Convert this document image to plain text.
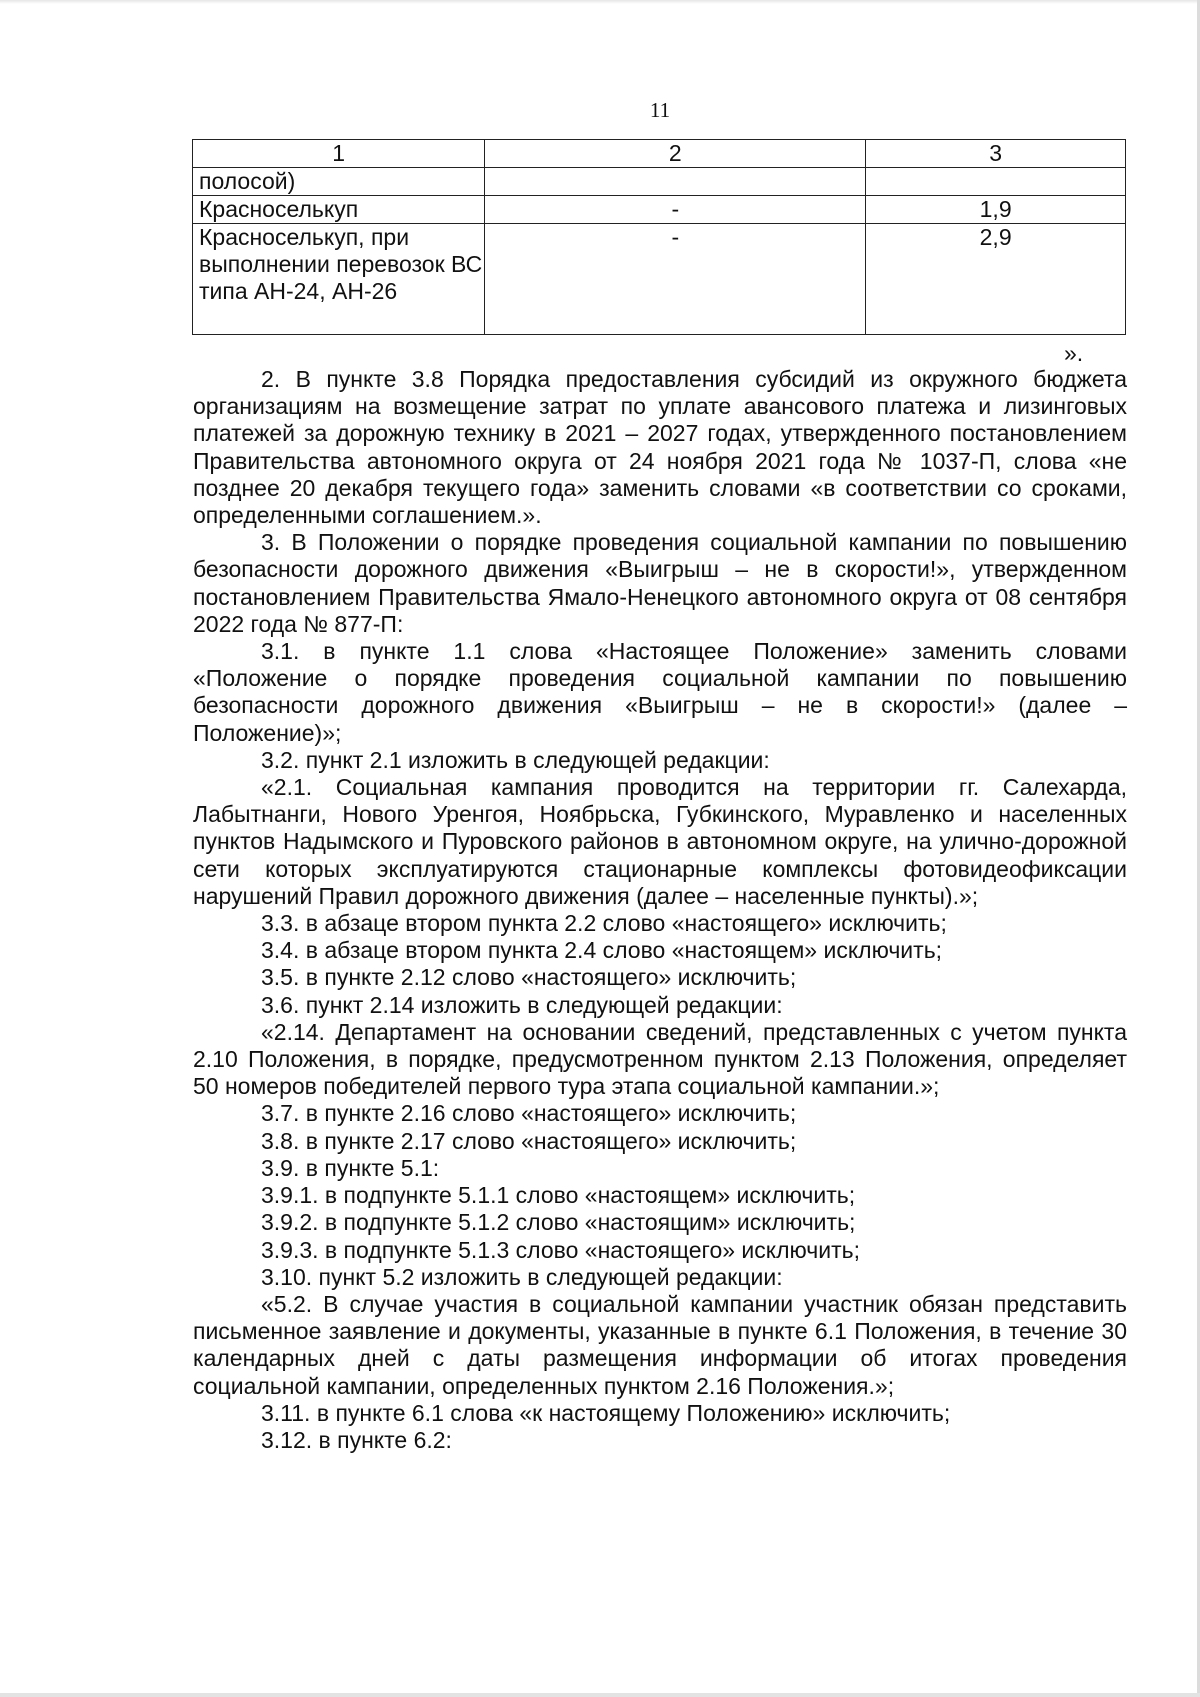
11
1	2	3
полосой)		
Красноселькуп	-	1,9
Красноселькуп, при выполнении перевозок ВС типа АН-24, АН-26	-	2,9
».

2. В пункте 3.8 Порядка предоставления субсидий из окружного бюджета организациям на возмещение затрат по уплате авансового платежа и лизинговых платежей за дорожную технику в 2021 – 2027 годах, утвержденного постановлением Правительства автономного округа от 24 ноября 2021 года № 1037-П, слова «не позднее 20 декабря текущего года» заменить словами «в соответствии со сроками, определенными соглашением.».

3. В Положении о порядке проведения социальной кампании по повышению безопасности дорожного движения «Выигрыш – не в скорости!», утвержденном постановлением Правительства Ямало-Ненецкого автономного округа от 08 сентября 2022 года № 877-П:

3.1. в пункте 1.1 слова «Настоящее Положение» заменить словами «Положение о порядке проведения социальной кампании по повышению безопасности дорожного движения «Выигрыш – не в скорости!» (далее – Положение)»;

3.2. пункт 2.1 изложить в следующей редакции:

«2.1. Социальная кампания проводится на территории гг. Салехарда, Лабытнанги, Нового Уренгоя, Ноябрьска, Губкинского, Муравленко и населенных пунктов Надымского и Пуровского районов в автономном округе, на улично-дорожной сети которых эксплуатируются стационарные комплексы фотовидеофиксации нарушений Правил дорожного движения (далее – населенные пункты).»;

3.3. в абзаце втором пункта 2.2 слово «настоящего» исключить;

3.4. в абзаце втором пункта 2.4 слово «настоящем» исключить;

3.5. в пункте 2.12 слово «настоящего» исключить;

3.6. пункт 2.14 изложить в следующей редакции:

«2.14. Департамент на основании сведений, представленных с учетом пункта 2.10 Положения, в порядке, предусмотренном пунктом 2.13 Положения, определяет 50 номеров победителей первого тура этапа социальной кампании.»;

3.7. в пункте 2.16 слово «настоящего» исключить;

3.8. в пункте 2.17 слово «настоящего» исключить;

3.9. в пункте 5.1:

3.9.1. в подпункте 5.1.1 слово «настоящем» исключить;

3.9.2. в подпункте 5.1.2 слово «настоящим» исключить;

3.9.3. в подпункте 5.1.3 слово «настоящего» исключить;

3.10. пункт 5.2 изложить в следующей редакции:

«5.2. В случае участия в социальной кампании участник обязан представить письменное заявление и документы, указанные в пункте 6.1 Положения, в течение 30 календарных дней с даты размещения информации об итогах проведения социальной кампании, определенных пунктом 2.16 Положения.»;

3.11. в пункте 6.1 слова «к настоящему Положению» исключить;

3.12. в пункте 6.2:
